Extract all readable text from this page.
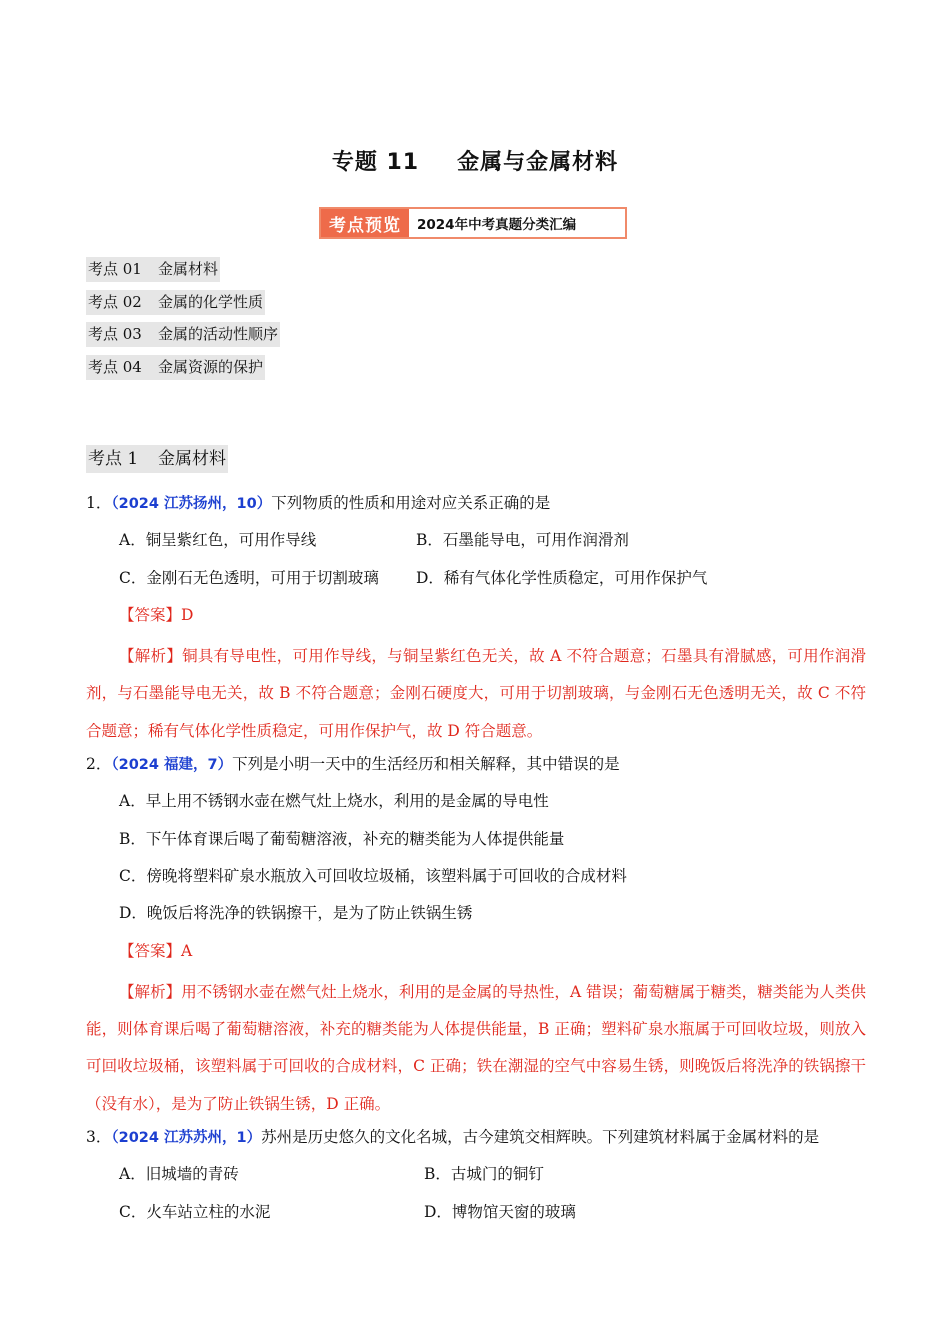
专题 11 金属与金属材料
考点预览	2024年中考真题分类汇编
考点 01 金属材料
考点 02 金属的化学性质
考点 03 金属的活动性顺序
考点 04 金属资源的保护
考点 1 金属材料
1．（2024 江苏扬州，10）下列物质的性质和用途对应关系正确的是
A．铜呈紫红色，可用作导线	B．石墨能导电，可用作润滑剂
C．金刚石无色透明，可用于切割玻璃	D．稀有气体化学性质稳定，可用作保护气
【答案】D
【解析】铜具有导电性，可用作导线，与铜呈紫红色无关，故 A 不符合题意；石墨具有滑腻感，可用作润滑剂，与石墨能导电无关，故 B 不符合题意；金刚石硬度大，可用于切割玻璃，与金刚石无色透明无关，故 C 不符合题意；稀有气体化学性质稳定，可用作保护气，故 D 符合题意。
2．（2024 福建，7）下列是小明一天中的生活经历和相关解释，其中错误的是
A．早上用不锈钢水壶在燃气灶上烧水，利用的是金属的导电性
B．下午体育课后喝了葡萄糖溶液，补充的糖类能为人体提供能量
C．傍晚将塑料矿泉水瓶放入可回收垃圾桶，该塑料属于可回收的合成材料
D．晚饭后将洗净的铁锅擦干，是为了防止铁锅生锈
【答案】A
【解析】用不锈钢水壶在燃气灶上烧水，利用的是金属的导热性，A 错误；葡萄糖属于糖类，糖类能为人类供能，则体育课后喝了葡萄糖溶液，补充的糖类能为人体提供能量，B 正确；塑料矿泉水瓶属于可回收垃圾，则放入可回收垃圾桶，该塑料属于可回收的合成材料，C 正确；铁在潮湿的空气中容易生锈，则晚饭后将洗净的铁锅擦干（没有水），是为了防止铁锅生锈，D 正确。
3．（2024 江苏苏州，1）苏州是历史悠久的文化名城，古今建筑交相辉映。下列建筑材料属于金属材料的是
A．旧城墙的青砖	B．古城门的铜钉
C．火车站立柱的水泥	D．博物馆天窗的玻璃
